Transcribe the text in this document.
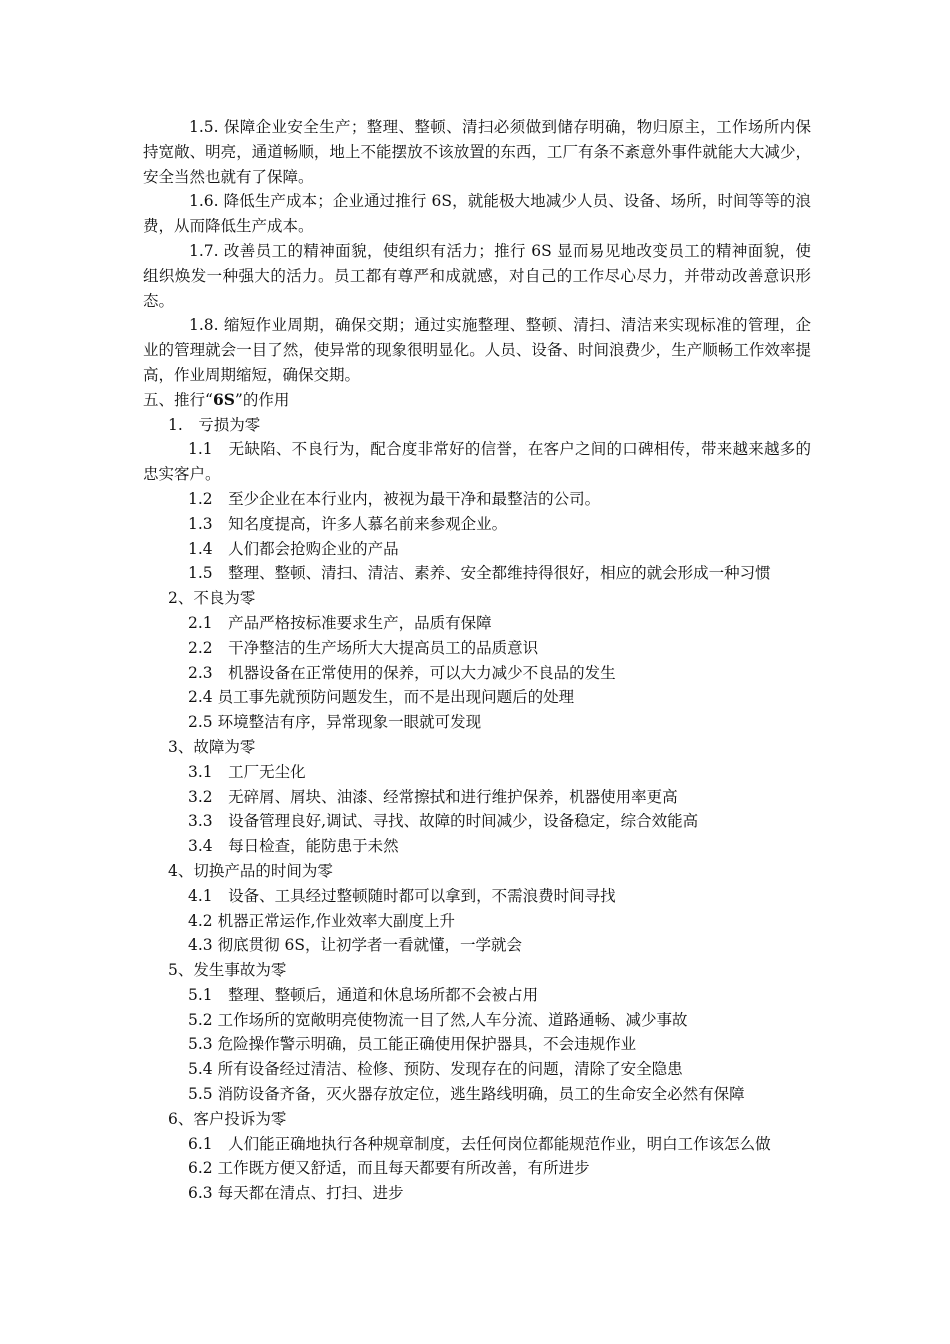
1.5. 保障企业安全生产；整理、整顿、清扫必须做到储存明确，物归原主，工作场所内保持宽敞、明亮，通道畅顺，地上不能摆放不该放置的东西，工厂有条不紊意外事件就能大大减少，安全当然也就有了保障。

1.6. 降低生产成本；企业通过推行 6S，就能极大地减少人员、设备、场所，时间等等的浪费，从而降低生产成本。

1.7. 改善员工的精神面貌，使组织有活力；推行 6S 显而易见地改变员工的精神面貌，使组织焕发一种强大的活力。员工都有尊严和成就感，对自己的工作尽心尽力，并带动改善意识形态。

1.8. 缩短作业周期，确保交期；通过实施整理、整顿、清扫、清洁来实现标准的管理，企业的管理就会一目了然，使异常的现象很明显化。人员、设备、时间浪费少，生产顺畅工作效率提高，作业周期缩短，确保交期。

五、推行“6S”的作用

1.　亏损为零

1.1　无缺陷、不良行为，配合度非常好的信誉，在客户之间的口碑相传，带来越来越多的忠实客户。

1.2　至少企业在本行业内，被视为最干净和最整洁的公司。

1.3　知名度提高，许多人慕名前来参观企业。

1.4　人们都会抢购企业的产品

1.5　整理、整顿、清扫、清洁、素养、安全都维持得很好，相应的就会形成一种习惯

2、不良为零

2.1　产品严格按标准要求生产，品质有保障

2.2　干净整洁的生产场所大大提高员工的品质意识

2.3　机器设备在正常使用的保养，可以大力减少不良品的发生

2.4 员工事先就预防问题发生，而不是出现问题后的处理

2.5 环境整洁有序，异常现象一眼就可发现

3、故障为零

3.1　工厂无尘化

3.2　无碎屑、屑块、油漆、经常擦拭和进行维护保养，机器使用率更高

3.3　设备管理良好,调试、寻找、故障的时间减少，设备稳定，综合效能高

3.4　每日检查，能防患于未然

4、切换产品的时间为零

4.1　设备、工具经过整顿随时都可以拿到，不需浪费时间寻找

4.2 机器正常运作,作业效率大副度上升

4.3 彻底贯彻 6S，让初学者一看就懂，一学就会

5、发生事故为零

5.1　整理、整顿后，通道和休息场所都不会被占用

5.2 工作场所的宽敞明亮使物流一目了然,人车分流、道路通畅、减少事故

5.3 危险操作警示明确，员工能正确使用保护器具，不会违规作业

5.4 所有设备经过清洁、检修、预防、发现存在的问题，清除了安全隐患

5.5 消防设备齐备，灭火器存放定位，逃生路线明确，员工的生命安全必然有保障

6、客户投诉为零

6.1　人们能正确地执行各种规章制度，去任何岗位都能规范作业，明白工作该怎么做

6.2 工作既方便又舒适，而且每天都要有所改善，有所进步

6.3 每天都在清点、打扫、进步
